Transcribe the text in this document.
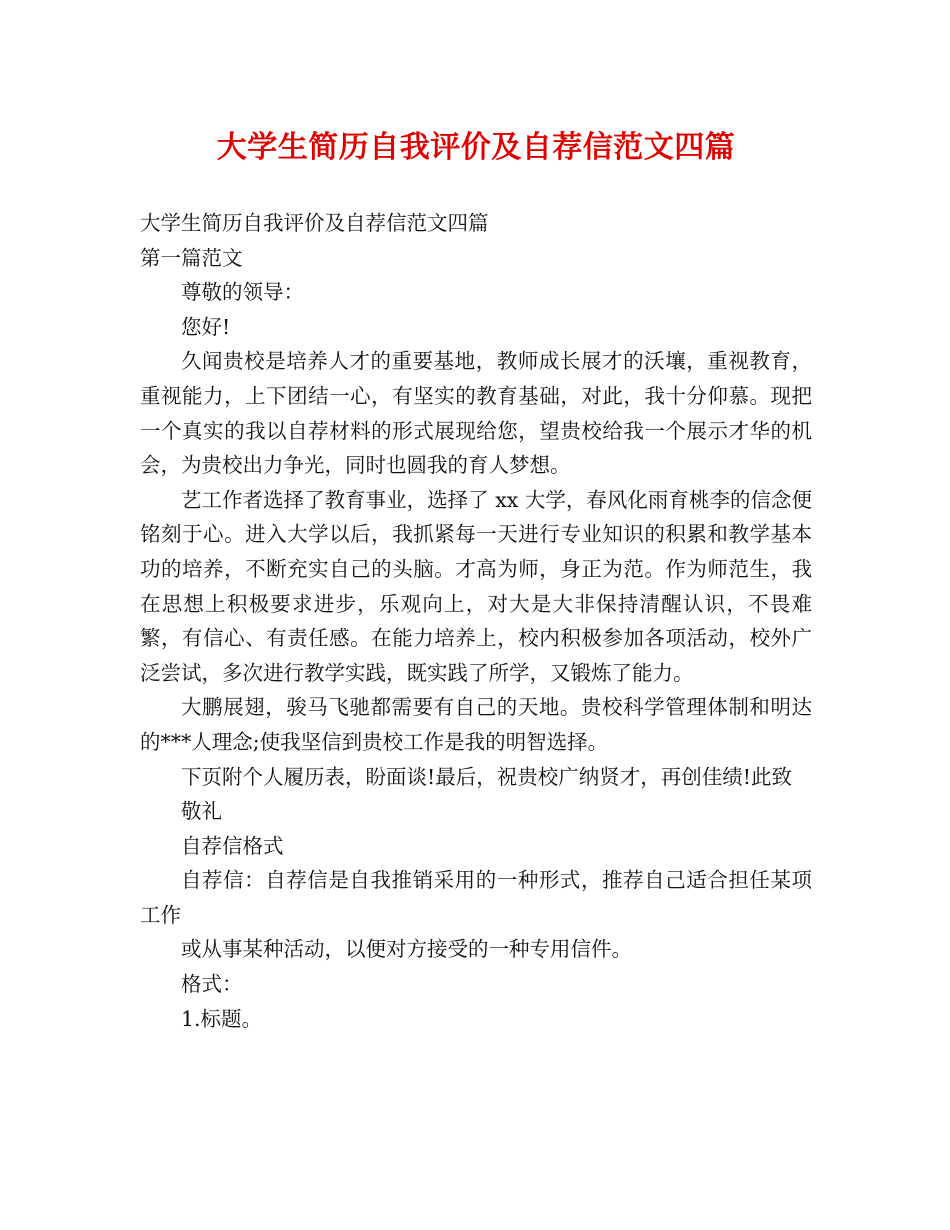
大学生简历自我评价及自荐信范文四篇
大学生简历自我评价及自荐信范文四篇
第一篇范文
尊敬的领导：
您好!

久闻贵校是培养人才的重要基地，教师成长展才的沃壤，重视教育，重视能力，上下团结一心，有坚实的教育基础，对此，我十分仰慕。现把一个真实的我以自荐材料的形式展现给您，望贵校给我一个展示才华的机会，为贵校出力争光，同时也圆我的育人梦想。

艺工作者选择了教育事业，选择了 xx 大学，春风化雨育桃李的信念便铭刻于心。进入大学以后，我抓紧每一天进行专业知识的积累和教学基本功的培养，不断充实自己的头脑。才高为师，身正为范。作为师范生，我在思想上积极要求进步，乐观向上，对大是大非保持清醒认识，不畏难繁，有信心、有责任感。在能力培养上，校内积极参加各项活动，校外广泛尝试，多次进行教学实践，既实践了所学，又锻炼了能力。

大鹏展翅，骏马飞驰都需要有自己的天地。贵校科学管理体制和明达的***人理念;使我坚信到贵校工作是我的明智选择。

下页附个人履历表，盼面谈!最后，祝贵校广纳贤才，再创佳绩!此致

敬礼
自荐信格式

自荐信：自荐信是自我推销采用的一种形式，推荐自己适合担任某项工作

或从事某种活动，以便对方接受的一种专用信件。
格式：
1.标题。
